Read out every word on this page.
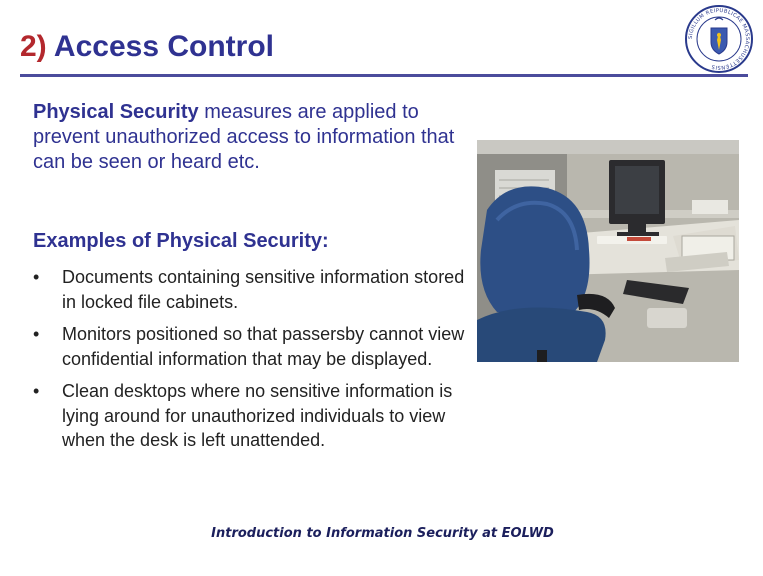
2) Access Control	SIGILLUM REIPUBLICAE MASSACHUSETTENSIS
Physical Security measures are applied to prevent unauthorized access to information that can be seen or heard etc.
Examples of Physical Security:
• Documents containing sensitive information stored in locked file cabinets.
• Monitors positioned so that passersby cannot view confidential information that may be displayed.
• Clean desktops where no sensitive information is lying around for unauthorized individuals to view when the desk is left unattended.
Introduction to Information Security at EOLWD
